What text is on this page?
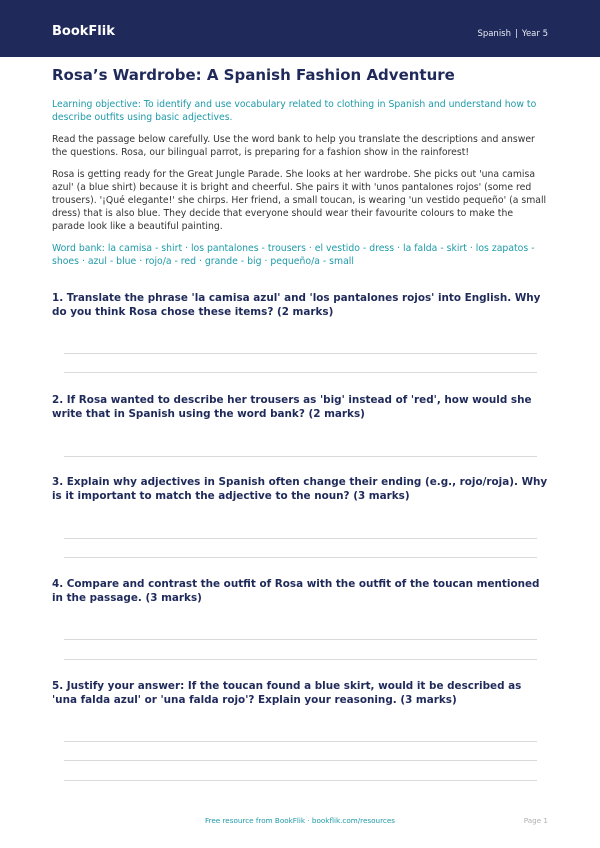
BookFlik	Spanish | Year 5
Rosa’s Wardrobe: A Spanish Fashion Adventure
Learning objective: To identify and use vocabulary related to clothing in Spanish and understand how to describe outfits using basic adjectives.
Read the passage below carefully. Use the word bank to help you translate the descriptions and answer the questions. Rosa, our bilingual parrot, is preparing for a fashion show in the rainforest!
Rosa is getting ready for the Great Jungle Parade. She looks at her wardrobe. She picks out 'una camisa azul' (a blue shirt) because it is bright and cheerful. She pairs it with 'unos pantalones rojos' (some red trousers). '¡Qué elegante!' she chirps. Her friend, a small toucan, is wearing 'un vestido pequeño' (a small dress) that is also blue. They decide that everyone should wear their favourite colours to make the parade look like a beautiful painting.
Word bank: la camisa - shirt · los pantalones - trousers · el vestido - dress · la falda - skirt · los zapatos - shoes · azul - blue · rojo/a - red · grande - big · pequeño/a - small
1. Translate the phrase 'la camisa azul' and 'los pantalones rojos' into English. Why do you think Rosa chose these items? (2 marks)
2. If Rosa wanted to describe her trousers as 'big' instead of 'red', how would she write that in Spanish using the word bank? (2 marks)
3. Explain why adjectives in Spanish often change their ending (e.g., rojo/roja). Why is it important to match the adjective to the noun? (3 marks)
4. Compare and contrast the outfit of Rosa with the outfit of the toucan mentioned in the passage. (3 marks)
5. Justify your answer: If the toucan found a blue skirt, would it be described as 'una falda azul' or 'una falda rojo'? Explain your reasoning. (3 marks)
Free resource from BookFlik · bookflik.com/resources	Page 1
